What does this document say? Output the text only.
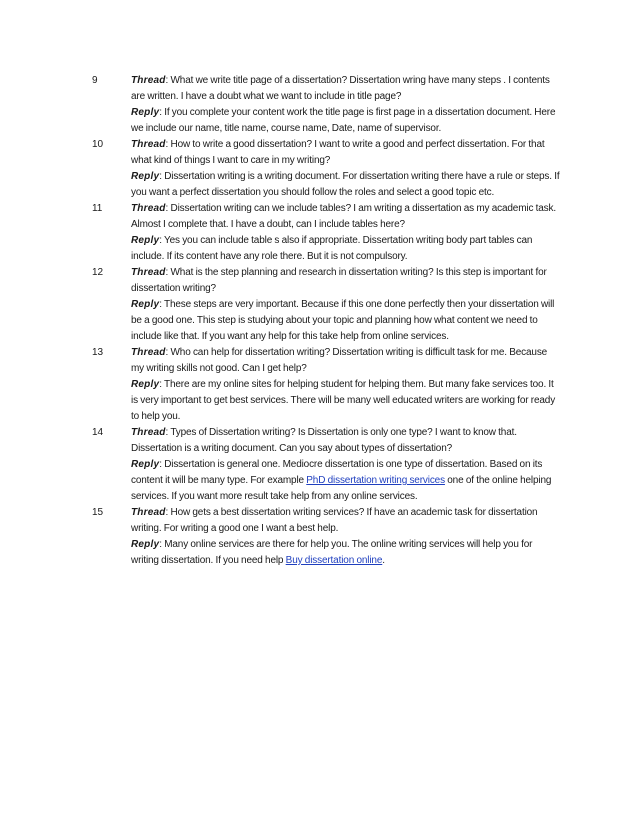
9	Thread: What we write title page of a dissertation? Dissertation wring have many steps . I contents are written. I have a doubt what we want to include in title page?

Reply: If you complete your content work the title page is first page in a dissertation document. Here we include our name, title name, course name, Date, name of supervisor.

10	Thread: How to write a good dissertation? I want to write a good and perfect dissertation. For that what kind of things I want to care in my writing?

Reply: Dissertation writing is a writing document. For dissertation writing there have a rule or steps. If you want a perfect dissertation you should follow the roles and select a good topic etc.

11	Thread: Dissertation writing can we include tables? I am writing a dissertation as my academic task. Almost I complete that. I have a doubt, can I include tables here?

Reply: Yes you can include table s also if appropriate. Dissertation writing body part tables can include. If its content have any role there. But it is not compulsory.

12	Thread: What is the step planning and research in dissertation writing? Is this step is important for dissertation writing?

Reply: These steps are very important. Because if this one done perfectly then your dissertation will be a good one. This step is studying about your topic and planning how what content we need to include like that. If you want any help for this take help from online services.

13	Thread: Who can help for dissertation writing? Dissertation writing is difficult task for me. Because my writing skills not good. Can I get help?

Reply: There are my online sites for helping student for helping them. But many fake services too. It is very important to get best services. There will be many well educated writers are working for ready to help you.

14	Thread: Types of Dissertation writing? Is Dissertation is only one type? I want to know that. Dissertation is a writing document. Can you say about types of dissertation?

Reply: Dissertation is general one. Mediocre dissertation is one type of dissertation. Based on its content it will be many type. For example PhD dissertation writing services one of the online helping services. If you want more result take help from any online services.

15	Thread: How gets a best dissertation writing services? If have an academic task for dissertation writing. For writing a good one I want a best help.

Reply: Many online services are there for help you. The online writing services will help you for writing dissertation. If you need help Buy dissertation online.
